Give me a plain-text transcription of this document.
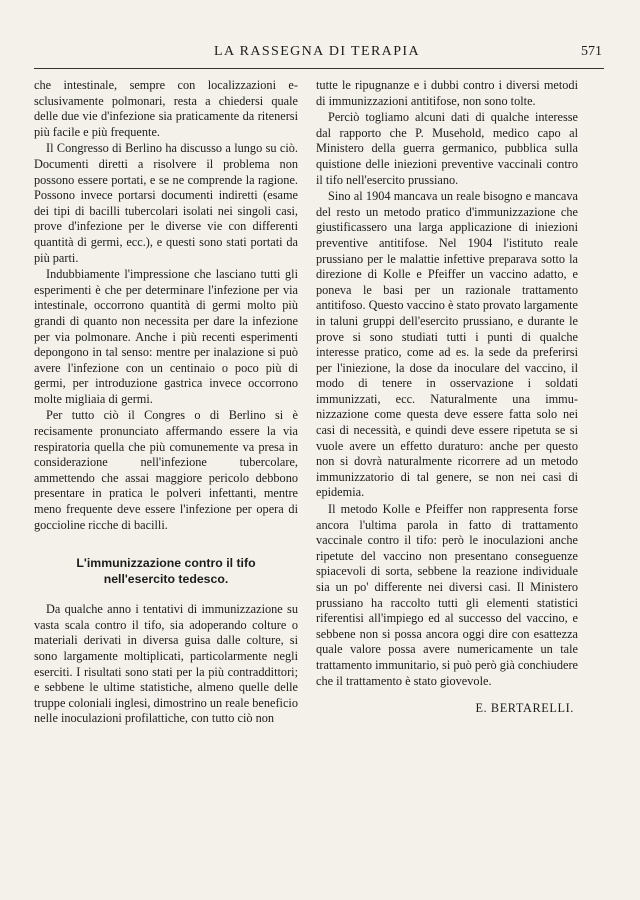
LA RASSEGNA DI TERAPIA	571

che intestinale, sempre con localizzazioni esclusivamente polmonari, resta a chiedersi quale delle due vie d'infezione sia praticamente da ritenersi più facile e più frequente.

Il Congresso di Berlino ha discusso a lungo su ciò. Documenti diretti a risolvere il problema non possono essere portati, e se ne comprende la ragione. Possono invece portarsi documenti indiretti (esame dei tipi di bacilli tubercolari isolati nei singoli casi, prove d'infezione per le diverse vie con differenti quantità di germi, ecc.), e questi sono stati portati da più parti.

Indubbiamente l'impressione che lasciano tutti gli esperimenti è che per determinare l'infezione per via intestinale, occorrono quantità di germi molto più grandi di quanto non necessita per dare la infezione per via polmonare. Anche i più recenti esperimenti depongono in tal senso: mentre per inalazione si può avere l'infezione con un centinaio o poco più di germi, per introduzione gastrica invece occorrono molte migliaia di germi.

Per tutto ciò il Congres o di Berlino si è recisamente pronunciato affermando essere la via respiratoria quella che più comunemente va presa in considerazione nell'infezione tubercolare, ammettendo che assai maggiore pericolo debbono presentare in pratica le polveri infettanti, mentre meno frequente deve essere l'infezione per opera di goccioline ricche di bacilli.

L'immunizzazione contro il tifo
nell'esercito tedesco.

Da qualche anno i tentativi di immunizzazione su vasta scala contro il tifo, sia adoperando colture o materiali derivati in diversa guisa dalle colture, si sono largamente moltiplicati, particolarmente negli eserciti. I risultati sono stati per la più contraddittori; e sebbene le ultime statistiche, almeno quelle delle truppe coloniali inglesi, dimostrino un reale beneficio nelle inoculazioni profilattiche, con tutto ciò non

tutte le ripugnanze e i dubbi contro i diversi metodi di immunizzazioni antitifose, non sono tolte.

Perciò togliamo alcuni dati di qualche interesse dal rapporto che P. Musehold, medico capo al Ministero della guerra germanico, pubblica sulla quistione delle iniezioni preventive vaccinali contro il tifo nell'esercito prussiano.

Sino al 1904 mancava un reale bisogno e mancava del resto un metodo pratico d'immunizzazione che giustificassero una larga applicazione di iniezioni preventive antitifose. Nel 1904 l'istituto reale prussiano per le malattie infettive preparava sotto la direzione di Kolle e Pfeiffer un vaccino adatto, e poneva le basi per un razionale trattamento antitifoso. Questo vaccino è stato provato largamente in taluni gruppi dell'esercito prussiano, e durante le prove si sono studiati tutti i punti di qualche interesse pratico, come ad es. la sede da preferirsi per l'iniezione, la dose da inoculare del vaccino, il modo di tenere in osservazione i soldati immunizzati, ecc. Naturalmente una immunizzazione come questa deve essere fatta solo nei casi di necessità, e quindi deve essere ripetuta se si vuole avere un effetto duraturo: anche per questo non si dovrà naturalmente ricorrere ad un metodo immunizzatorio di tal genere, se non nei casi di epidemia.

Il metodo Kolle e Pfeiffer non rappresenta forse ancora l'ultima parola in fatto di trattamento vaccinale contro il tifo: però le inoculazioni anche ripetute del vaccino non presentano conseguenze spiacevoli di sorta, sebbene la reazione individuale sia un po' differente nei diversi casi. Il Ministero prussiano ha raccolto tutti gli elementi statistici riferentisi all'impiego ed al successo del vaccino, e sebbene non si possa ancora oggi dire con esattezza quale valore possa avere numericamente un tale trattamento immunitario, si può però già conchiudere che il trattamento è stato giovevole.

E. BERTARELLI.
